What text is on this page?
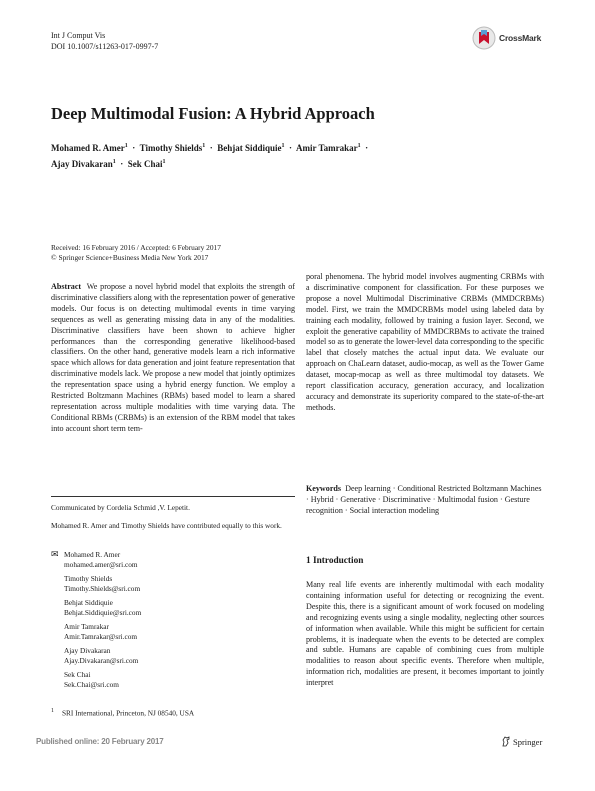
Int J Comput Vis
DOI 10.1007/s11263-017-0997-7
CrossMark
Deep Multimodal Fusion: A Hybrid Approach
Mohamed R. Amer$^1$ · Timothy Shields$^1$ · Behjat Siddiquie$^1$ · Amir Tamrakar$^1$ ·
Ajay Divakaran$^1$ · Sek Chai$^1$
Received: 16 February 2016 / Accepted: 6 February 2017
© Springer Science+Business Media New York 2017

Abstract We propose a novel hybrid model that exploits the strength of discriminative classifiers along with the representation power of generative models. Our focus is on detecting multimodal events in time varying sequences as well as generating missing data in any of the modalities. Discriminative classifiers have been shown to achieve higher performances than the corresponding generative likelihood-based classifiers. On the other hand, generative models learn a rich informative space which allows for data generation and joint feature representation that discriminative models lack. We propose a new model that jointly optimizes the representation space using a hybrid energy function. We employ a Restricted Boltzmann Machines (RBMs) based model to learn a shared representation across multiple modalities with time varying data. The Conditional RBMs (CRBMs) is an extension of the RBM model that takes into account short term tem-

poral phenomena. The hybrid model involves augmenting CRBMs with a discriminative component for classification. For these purposes we propose a novel Multimodal Discriminative CRBMs (MMDCRBMs) model. First, we train the MMDCRBMs model using labeled data by training each modality, followed by training a fusion layer. Second, we exploit the generative capability of MMDCRBMs to activate the trained model so as to generate the lower-level data corresponding to the specific label that closely matches the actual input data. We evaluate our approach on ChaLearn dataset, audio-mocap, as well as the Tower Game dataset, mocap-mocap as well as three multimodal toy datasets. We report classification accuracy, generation accuracy, and localization accuracy and demonstrate its superiority compared to the state-of-the-art methods.

Keywords Deep learning · Conditional Restricted Boltzmann Machines · Hybrid · Generative · Discriminative · Multimodal fusion · Gesture recognition · Social interaction modeling
1 Introduction

Many real life events are inherently multimodal with each modality containing information useful for detecting or recognizing the event. Despite this, there is a significant amount of work focused on modeling and recognizing events using a single modality, neglecting other sources of information when available. While this might be sufficient for certain problems, it is inadequate when the events to be detected are complex and subtle. Humans are capable of combining cues from multiple modalities to reason about specific events. Therefore when multiple, information rich, modalities are present, it becomes important to jointly interpret

Communicated by Cordelia Schmid ,V. Lepetit.
Mohamed R. Amer and Timothy Shields have contributed equally to this work.
✉ Mohamed R. Amer
mohamed.amer@sri.com
Timothy Shields
Timothy.Shields@sri.com
Behjat Siddiquie
Behjat.Siddiquie@sri.com
Amir Tamrakar
Amir.Tamrakar@sri.com
Ajay Divakaran
Ajay.Divakaran@sri.com
Sek Chai
Sek.Chai@sri.com
$^1$ SRI International, Princeton, NJ 08540, USA
Published online: 20 February 2017	Springer
